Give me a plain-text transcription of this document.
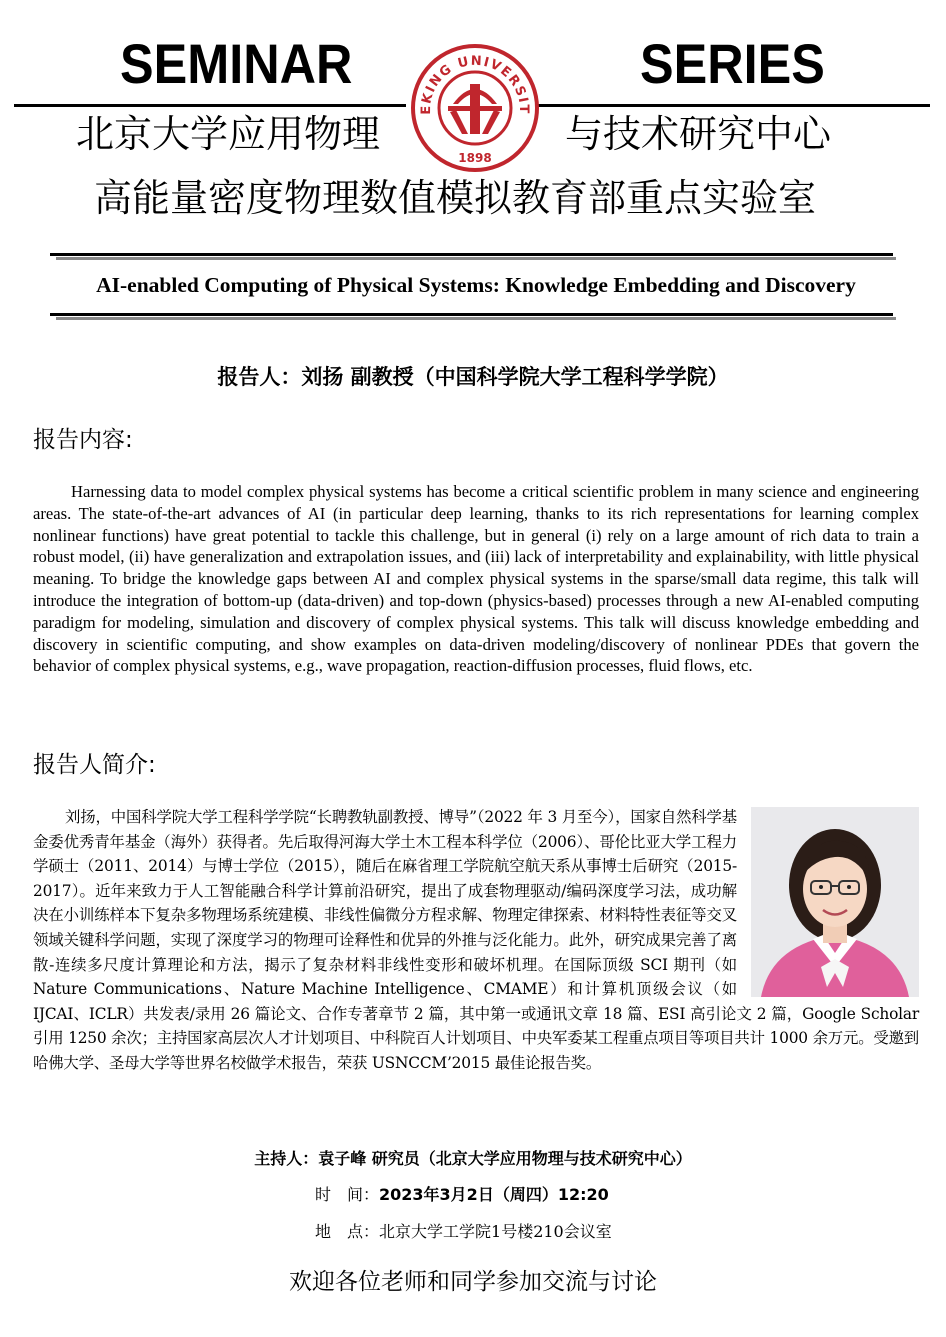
SEMINAR	SERIES
EKING UNIVERSIT
1898
北京大学应用物理	与技术研究中心
高能量密度物理数值模拟教育部重点实验室
AI-enabled Computing of Physical Systems: Knowledge Embedding and Discovery
报告人：刘扬 副教授（中国科学院大学工程科学学院）
报告内容:
Harnessing data to model complex physical systems has become a critical scientific problem in many science and engineering areas. The state-of-the-art advances of AI (in particular deep learning, thanks to its rich representations for learning complex nonlinear functions) have great potential to tackle this challenge, but in general (i) rely on a large amount of rich data to train a robust model, (ii) have generalization and extrapolation issues, and (iii) lack of interpretability and explainability, with little physical meaning. To bridge the knowledge gaps between AI and complex physical systems in the sparse/small data regime, this talk will introduce the integration of bottom-up (data-driven) and top-down (physics-based) processes through a new AI-enabled computing paradigm for modeling, simulation and discovery of complex physical systems. This talk will discuss knowledge embedding and discovery in scientific computing, and show examples on data-driven modeling/discovery of nonlinear PDEs that govern the behavior of complex physical systems, e.g., wave propagation, reaction-diffusion processes, fluid flows, etc.
报告人简介:
刘扬，中国科学院大学工程科学学院“长聘教轨副教授、博导”（2022 年 3 月至今），国家自然科学基金委优秀青年基金（海外）获得者。先后取得河海大学土木工程本科学位（2006）、哥伦比亚大学工程力学硕士（2011、2014）与博士学位（2015），随后在麻省理工学院航空航天系从事博士后研究（2015-2017）。近年来致力于人工智能融合科学计算前沿研究，提出了成套物理驱动/编码深度学习法，成功解决在小训练样本下复杂多物理场系统建模、非线性偏微分方程求解、物理定律探索、材料特性表征等交叉领域关键科学问题，实现了深度学习的物理可诠释性和优异的外推与泛化能力。此外，研究成果完善了离散-连续多尺度计算理论和方法，揭示了复杂材料非线性变形和破坏机理。在国际顶级 SCI 期刊（如 Nature Communications、Nature Machine Intelligence、CMAME）和计算机顶级会议（如 IJCAI、ICLR）共发表/录用 26 篇论文、合作专著章节 2 篇，其中第一或通讯文章 18 篇、ESI 高引论文 2 篇，Google Scholar 引用 1250 余次；主持国家高层次人才计划项目、中科院百人计划项目、中央军委某工程重点项目等项目共计 1000 余万元。受邀到哈佛大学、圣母大学等世界名校做学术报告，荣获 USNCCM’2015 最佳论报告奖。
主持人：袁子峰 研究员（北京大学应用物理与技术研究中心）
时　间：2023年3月2日（周四）12:20
地　点：北京大学工学院1号楼210会议室
欢迎各位老师和同学参加交流与讨论
